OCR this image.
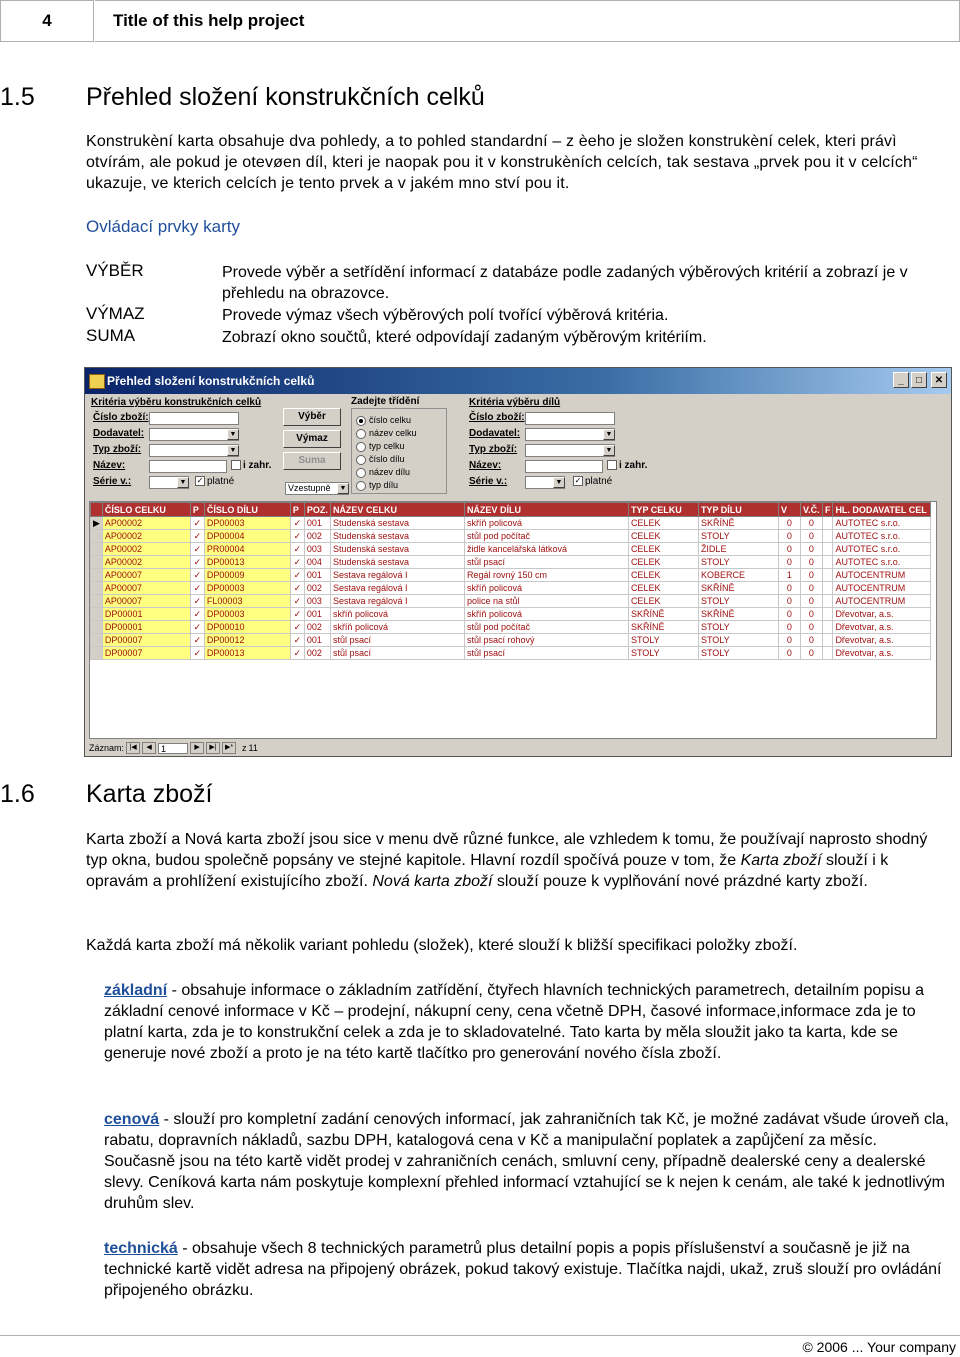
4	Title of this help project
1.5 Přehled složení konstrukčních celků

Konstrukèní karta obsahuje dva pohledy, a to pohled standardní – z èeho je složen konstrukèní celek, kteri právì otvírám, ale pokud je otevøen díl, kteri je naopak pou it v konstrukèních celcích, tak sestava „prvek pou it v celcích“ ukazuje, ve kterich celcích je tento prvek a v jakém mno ství pou it.

Ovládací prvky karty
VÝBĚR	Provede výběr a setřídění informací z databáze podle zadaných výběrových kritérií a zobrazí je v přehledu na obrazovce.
VÝMAZ	Provede výmaz všech výběrových polí tvořící výběrová kritéria.
SUMA	Zobrazí okno součtů, které odpovídají zadaným výběrovým kritériím.
Přehled složení konstrukčních celků	_	□	✕
Kritéria výběru konstrukčních celků
Číslo zboží:
Dodavatel:	▼
Typ zboží:	▼
Název:	i zahr.
Série v.:	▼	✓ platné
Výběr
Výmaz
Suma
Zadejte třídění
číslo celku
název celku
typ celku
číslo dílu
název dílu
typ dílu
Vzestupně	▼
Kritéria výběru dílů
Číslo zboží:
Dodavatel:	▼
Typ zboží:	▼
Název:	i zahr.
Série v.:	▼	✓ platné
	ČÍSLO CELKU	P	ČÍSLO DÍLU	P	POZ.	NÁZEV CELKU	NÁZEV DÍLU	TYP CELKU	TYP DÍLU	V	V.Č.	F	HL. DODAVATEL CEL
▶	AP00002	✓	DP00003	✓	001	Studenská sestava	skříň policová	CELEK	SKŘÍNĚ	0	0		AUTOTEC s.r.o.
	AP00002	✓	DP00004	✓	002	Studenská sestava	stůl pod počítač	CELEK	STOLY	0	0		AUTOTEC s.r.o.
	AP00002	✓	PR00004	✓	003	Studenská sestava	židle kancelářská látková	CELEK	ŽIDLE	0	0		AUTOTEC s.r.o.
	AP00002	✓	DP00013	✓	004	Studenská sestava	stůl psací	CELEK	STOLY	0	0		AUTOTEC s.r.o.
	AP00007	✓	DP00009	✓	001	Sestava regálová I	Regál rovný 150 cm	CELEK	KOBERCE	1	0		AUTOCENTRUM
	AP00007	✓	DP00003	✓	002	Sestava regálová I	skříň policová	CELEK	SKŘÍNĚ	0	0		AUTOCENTRUM
	AP00007	✓	FL00003	✓	003	Sestava regálová I	police na stůl	CELEK	STOLY	0	0		AUTOCENTRUM
	DP00001	✓	DP00003	✓	001	skříň policová	skříň policová	SKŘÍNĚ	SKŘÍNĚ	0	0		Dřevotvar, a.s.
	DP00001	✓	DP00010	✓	002	skříň policová	stůl pod počítač	SKŘÍNĚ	STOLY	0	0		Dřevotvar, a.s.
	DP00007	✓	DP00012	✓	001	stůl psací	stůl psací rohový	STOLY	STOLY	0	0		Dřevotvar, a.s.
	DP00007	✓	DP00013	✓	002	stůl psací	stůl psací	STOLY	STOLY	0	0		Dřevotvar, a.s.
Záznam: |◀	◀	1	▶	▶|	▶* z 11
1.6 Karta zboží

Karta zboží a Nová karta zboží jsou sice v menu dvě různé funkce, ale vzhledem k tomu, že používají naprosto shodný typ okna, budou společně popsány ve stejné kapitole. Hlavní rozdíl spočívá pouze v tom, že Karta zboží slouží i k opravám a prohlížení existujícího zboží. Nová karta zboží slouží pouze k vyplňování nové prázdné karty zboží.

Každá karta zboží má několik variant pohledu (složek), které slouží k bližší specifikaci položky zboží.

základní - obsahuje informace o základním zatřídění, čtyřech hlavních technických parametrech, detailním popisu a základní cenové informace v Kč – prodejní, nákupní ceny, cena včetně DPH, časové informace,informace zda je to platní karta, zda je to konstrukční celek a zda je to skladovatelné. Tato karta by měla sloužit jako ta karta, kde se generuje nové zboží a proto je na této kartě tlačítko pro generování nového čísla zboží.
cenová - slouží pro kompletní zadání cenových informací, jak zahraničních tak Kč, je možné zadávat všude úroveň cla, rabatu, dopravních nákladů, sazbu DPH, katalogová cena v Kč a manipulační poplatek a zapůjčení za měsíc. Současně jsou na této kartě vidět prodej v zahraničních cenách, smluvní ceny, případně dealerské ceny a dealerské slevy. Ceníková karta nám poskytuje komplexní přehled informací vztahující se k nejen k cenám, ale také k jednotlivým druhům slev.
technická - obsahuje všech 8 technických parametrů plus detailní popis a popis příslušenství a současně je již na technické kartě vidět adresa na připojený obrázek, pokud takový existuje. Tlačítka najdi, ukaž, zruš slouží pro ovládání připojeného obrázku.
© 2006 ... Your company
